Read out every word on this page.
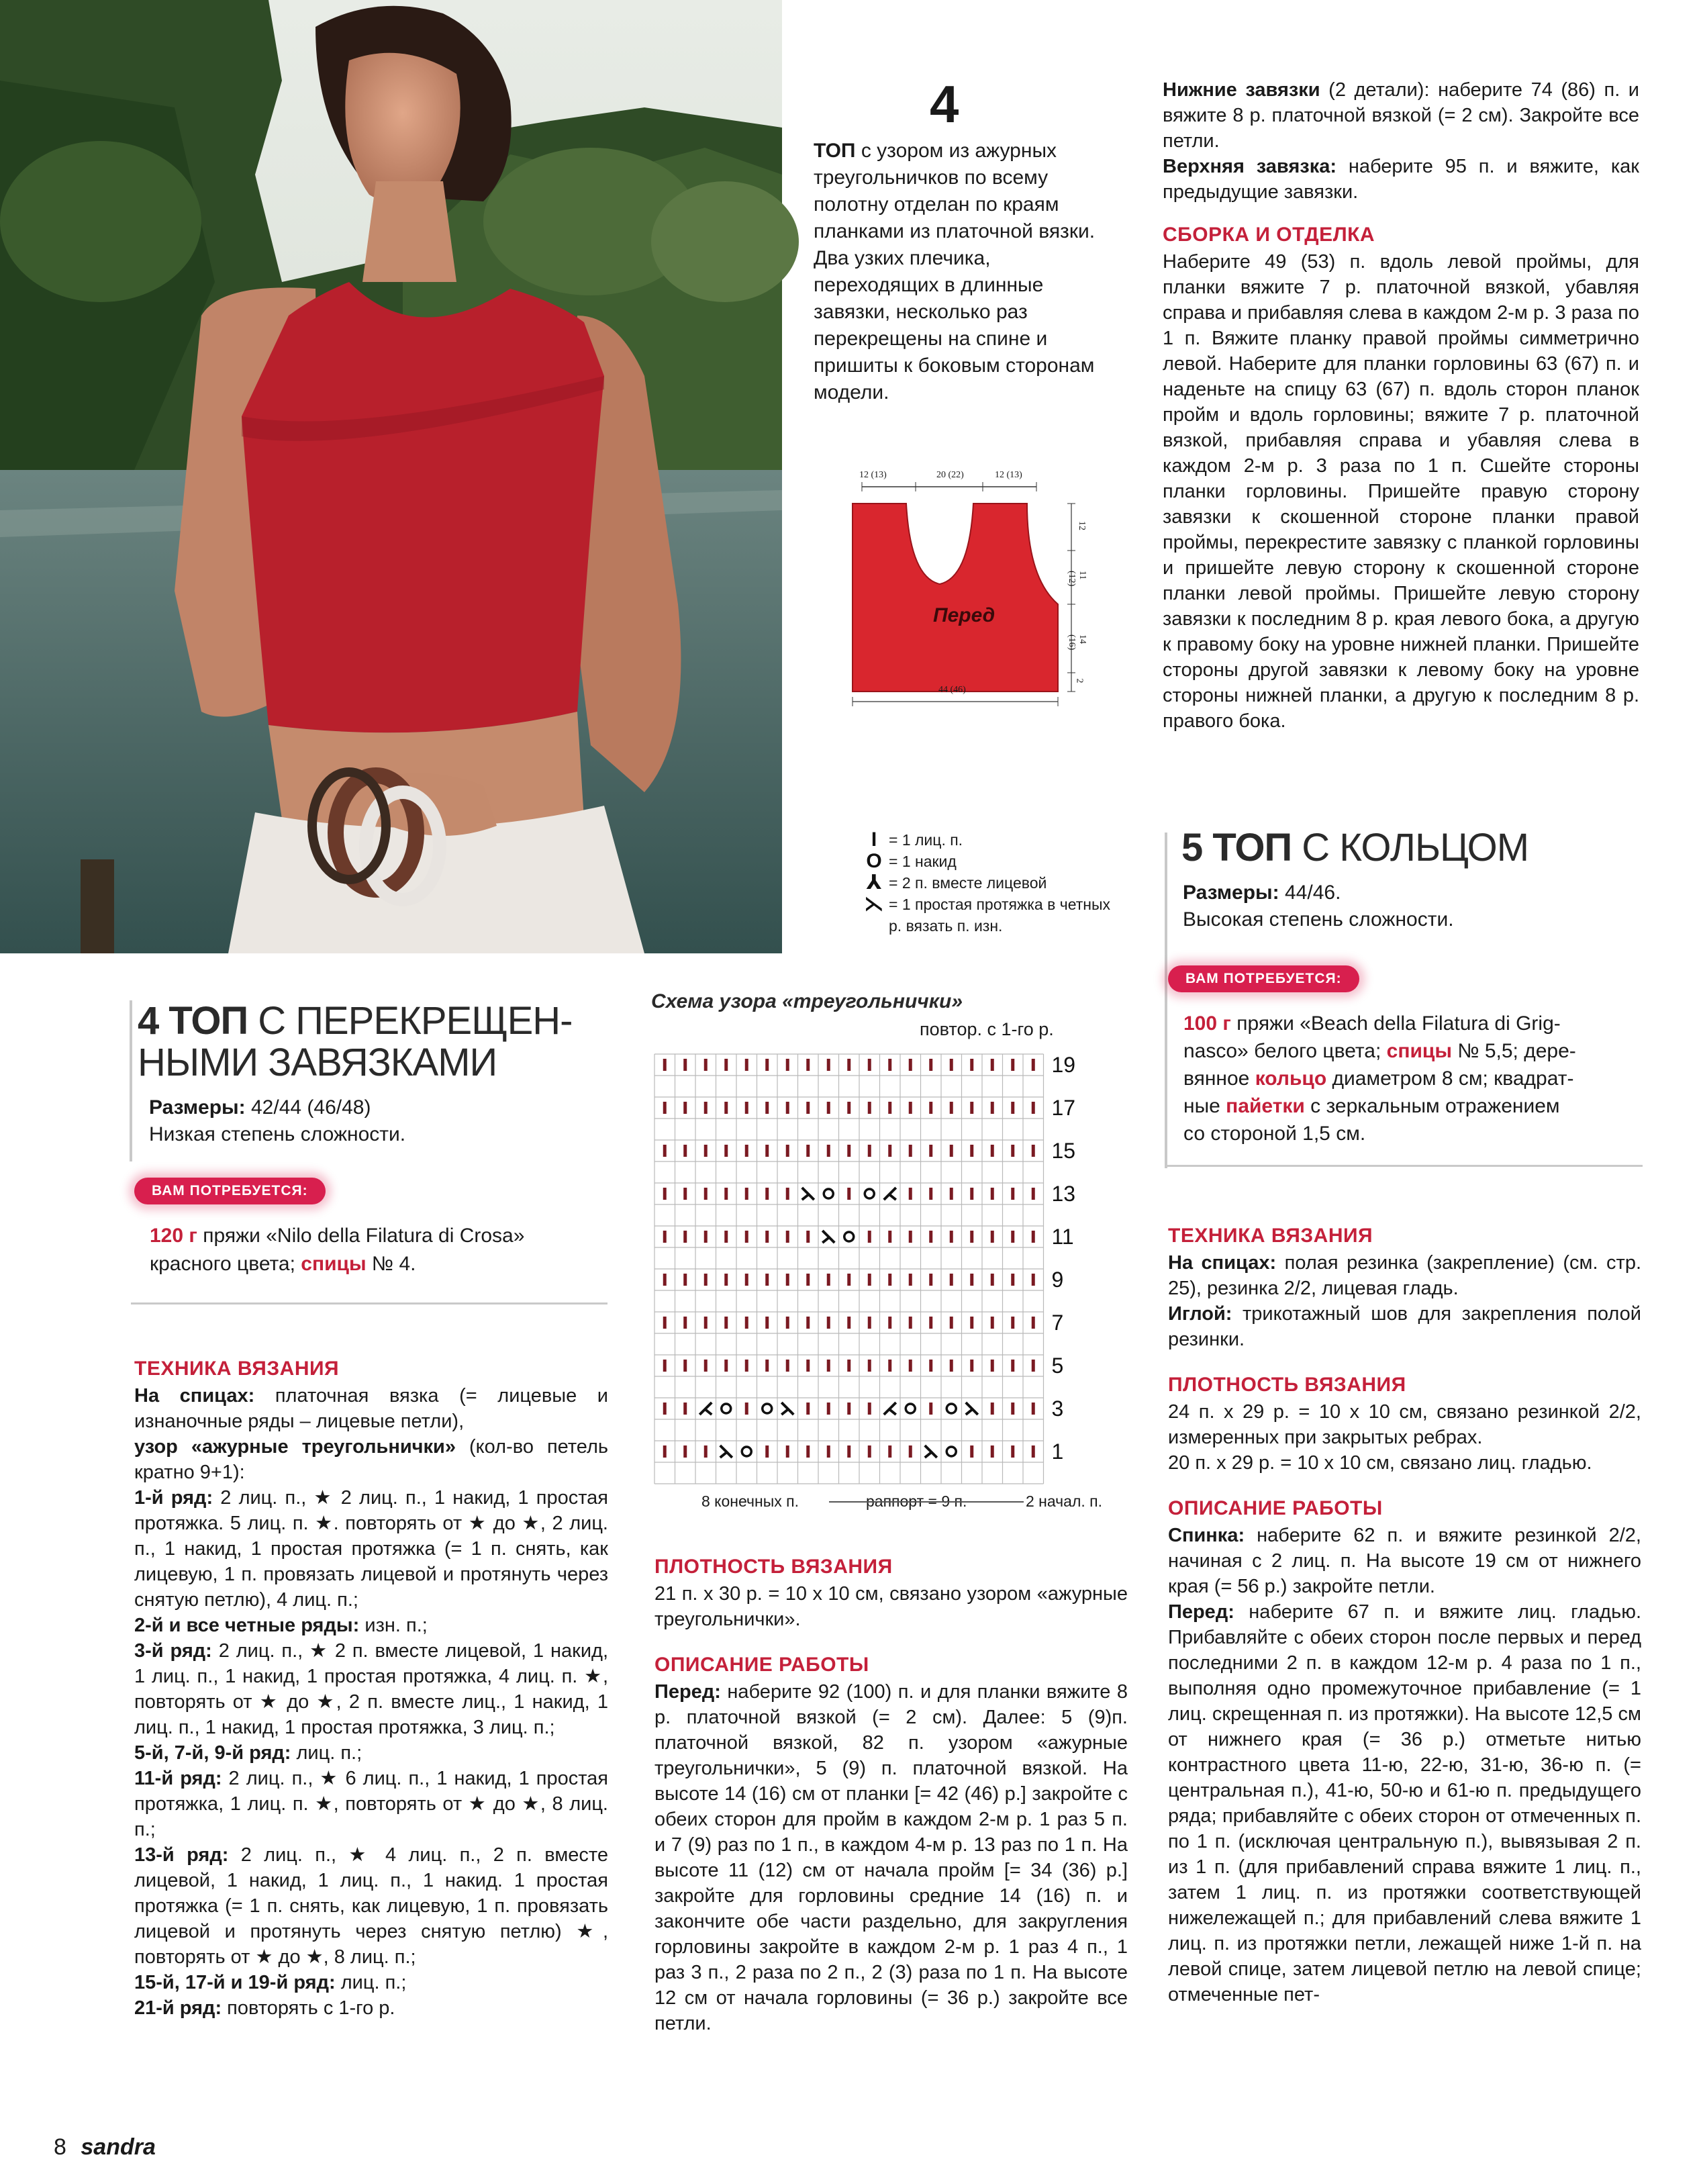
4
ТОП с узором из ажурных треугольничков по всему полотну отделан по краям планками из платочной вязки. Два узких плечика, переходящих в длинные завязки, несколько раз перекрещены на спине и пришиты к боковым сторонам модели.
12 (13)	20 (22)	12 (13)
12
11 (12)
14 (16)
2
44 (46)
Перед
I = 1 лиц. п.
O = 1 накид
⅄ = 2 п. вместе лицевой
⋋ = 1 простая протяжка в четных р. вязать п. изн.
4 ТОП С ПЕРЕКРЕЩЕН-
НЫМИ ЗАВЯЗКАМИ
Размеры: 42/44 (46/48)
Низкая степень сложности.
ВАМ ПОТРЕБУЕТСЯ:
120 г пряжи «Nilo della Filatura di Crosa»
красного цвета; спицы № 4.
ТЕХНИКА ВЯЗАНИЯ

На спицах: платочная вязка (= лицевые и изнаночные ряды – лицевые петли),

узор «ажурные треугольнички» (кол-во петель кратно 9+1):

1-й ряд: 2 лиц. п., ★ 2 лиц. п., 1 накид, 1 простая протяжка. 5 лиц. п. ★. повторять от ★ до ★, 2 лиц. п., 1 накид, 1 простая протяжка (= 1 п. снять, как лицевую, 1 п. провязать лицевой и протянуть через снятую петлю), 4 лиц. п.;

2-й и все четные ряды: изн. п.;

3-й ряд: 2 лиц. п., ★ 2 п. вместе лицевой, 1 накид, 1 лиц. п., 1 накид, 1 простая протяжка, 4 лиц. п. ★, повторять от ★ до ★, 2 п. вместе лиц., 1 накид, 1 лиц. п., 1 накид, 1 простая протяжка, 3 лиц. п.;

5-й, 7-й, 9-й ряд: лиц. п.;

11-й ряд: 2 лиц. п., ★ 6 лиц. п., 1 накид, 1 простая протяжка, 1 лиц. п. ★, повторять от ★ до ★, 8 лиц. п.;

13-й ряд: 2 лиц. п., ★ 4 лиц. п., 2 п. вместе лицевой, 1 накид, 1 лиц. п., 1 накид. 1 простая протяжка (= 1 п. снять, как лицевую, 1 п. провязать лицевой и протянуть через снятую петлю) ★, повторять от ★ до ★, 8 лиц. п.;

15-й, 17-й и 19-й ряд: лиц. п.;

21-й ряд: повторять с 1-го р.

Схема узора «треугольнички»
повтор. с 1-го р.
19
17
15
13
11
9
7
5
3
1
8 конечных п.	раппорт = 9 п.	2 начал. п.
ПЛОТНОСТЬ ВЯЗАНИЯ

21 п. х 30 р. = 10 х 10 см, связано узором «ажурные треугольнички».

ОПИСАНИЕ РАБОТЫ

Перед: наберите 92 (100) п. и для планки вяжите 8 р. платочной вязкой (= 2 см). Далее: 5 (9)п. платочной вязкой, 82 п. узором «ажурные треугольнички», 5 (9) п. платочной вязкой. На высоте 14 (16) см от планки [= 42 (46) р.] закройте с обеих сторон для пройм в каждом 2-м р. 1 раз 5 п. и 7 (9) раз по 1 п., в каждом 4-м р. 13 раз по 1 п. На высоте 11 (12) см от начала пройм [= 34 (36) р.] закройте для горловины средние 14 (16) п. и закончите обе части раздельно, для закругления горловины закройте в каждом 2-м р. 1 раз 4 п., 1 раз 3 п., 2 раза по 2 п., 2 (3) раза по 1 п. На высоте 12 см от начала горловины (= 36 р.) закройте все петли.

Нижние завязки (2 детали): наберите 74 (86) п. и вяжите 8 р. платочной вязкой (= 2 см). Закройте все петли.

Верхняя завязка: наберите 95 п. и вяжите, как предыдущие завязки.

СБОРКА И ОТДЕЛКА

Наберите 49 (53) п. вдоль левой проймы, для планки вяжите 7 р. платочной вязкой, убавляя справа и прибавляя слева в каждом 2-м р. 3 раза по 1 п. Вяжите планку правой проймы симметрично левой. Наберите для планки горловины 63 (67) п. и наденьте на спицу 63 (67) п. вдоль сторон планок пройм и вдоль горловины; вяжите 7 р. платочной вязкой, прибавляя справа и убавляя слева в каждом 2-м р. 3 раза по 1 п. Сшейте стороны планки горловины. Пришейте правую сторону завязки к скошенной стороне планки правой проймы, перекрестите завязку с планкой горловины и пришейте левую сторону к скошенной стороне планки левой проймы. Пришейте левую сторону завязки к последним 8 р. края левого бока, а другую к правому боку на уровне нижней планки. Пришейте стороны другой завязки к левому боку на уровне стороны нижней планки, а другую к последним 8 р. правого бока.

5 ТОП С КОЛЬЦОМ
Размеры: 44/46.
Высокая степень сложности.
ВАМ ПОТРЕБУЕТСЯ:
100 г пряжи «Beach della Filatura di Grig-
nasco» белого цвета; спицы № 5,5; дере-
вянное кольцо диаметром 8 см; квадрат-
ные пайетки с зеркальным отражением
со стороной 1,5 см.
ТЕХНИКА ВЯЗАНИЯ

На спицах: полая резинка (закрепление) (см. стр. 25), резинка 2/2, лицевая гладь.

Иглой: трикотажный шов для закрепления полой резинки.

ПЛОТНОСТЬ ВЯЗАНИЯ

24 п. х 29 р. = 10 х 10 см, связано резинкой 2/2, измеренных при закрытых ребрах.

20 п. х 29 р. = 10 х 10 см, связано лиц. гладью.

ОПИСАНИЕ РАБОТЫ

Спинка: наберите 62 п. и вяжите резинкой 2/2, начиная с 2 лиц. п. На высоте 19 см от нижнего края (= 56 р.) закройте петли.

Перед: наберите 67 п. и вяжите лиц. гладью. Прибавляйте с обеих сторон после первых и перед последними 2 п. в каждом 12-м р. 4 раза по 1 п., выполняя одно промежуточное прибавление (= 1 лиц. скрещенная п. из протяжки). На высоте 12,5 см от нижнего края (= 36 р.) отметьте нитью контрастного цвета 11-ю, 22-ю, 31-ю, 36-ю п. (= центральная п.), 41-ю, 50-ю и 61-ю п. предыдущего ряда; прибавляйте с обеих сторон от отмеченных п. по 1 п. (исключая центральную п.), вывязывая 2 п. из 1 п. (для прибавлений справа вяжите 1 лиц. п., затем 1 лиц. п. из протяжки соответствующей нижележащей п.; для прибавлений слева вяжите 1 лиц. п. из протяжки петли, лежащей ниже 1-й п. на левой спице, затем лицевой петлю на левой спице; отмеченные пет-

8 sandra
